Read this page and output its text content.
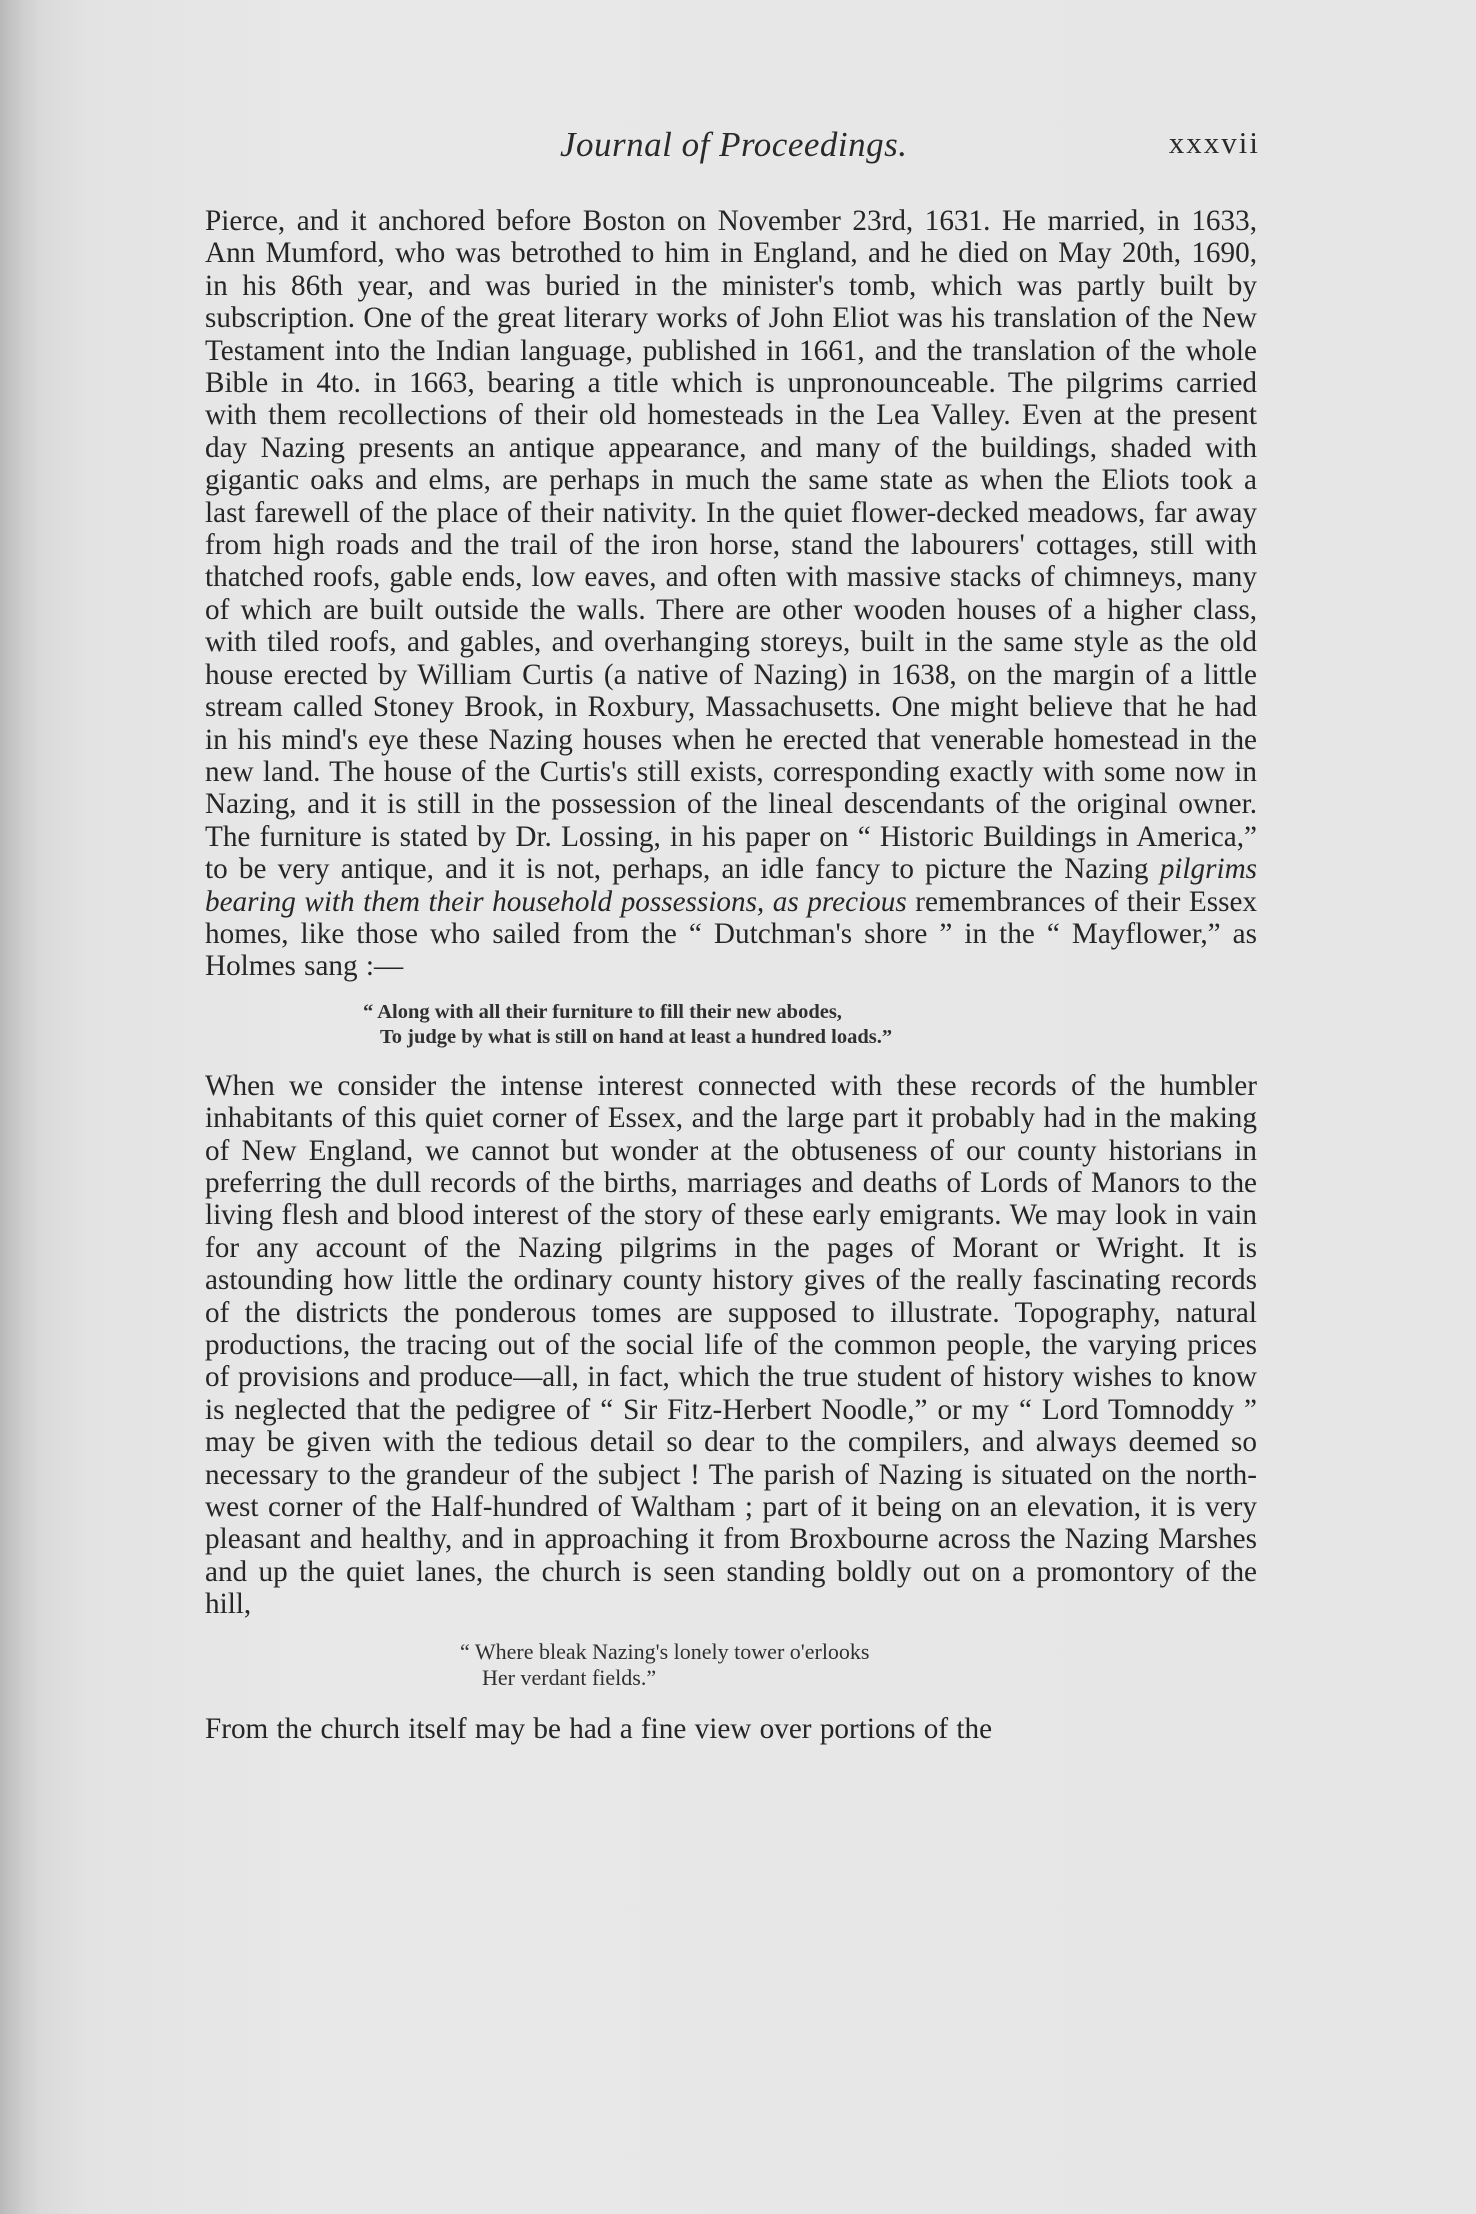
Journal of Proceedings.	xxxvii

Pierce, and it anchored before Boston on November 23rd, 1631. He married, in 1633, Ann Mumford, who was betrothed to him in England, and he died on May 20th, 1690, in his 86th year, and was buried in the minister's tomb, which was partly built by subscription. One of the great literary works of John Eliot was his translation of the New Testament into the Indian language, published in 1661, and the translation of the whole Bible in 4to. in 1663, bearing a title which is unpronounceable. The pilgrims carried with them recollections of their old homesteads in the Lea Valley. Even at the present day Nazing presents an antique appearance, and many of the buildings, shaded with gigantic oaks and elms, are perhaps in much the same state as when the Eliots took a last farewell of the place of their nativity. In the quiet flower-decked meadows, far away from high roads and the trail of the iron horse, stand the labourers' cottages, still with thatched roofs, gable ends, low eaves, and often with massive stacks of chimneys, many of which are built outside the walls. There are other wooden houses of a higher class, with tiled roofs, and gables, and overhanging storeys, built in the same style as the old house erected by William Curtis (a native of Nazing) in 1638, on the margin of a little stream called Stoney Brook, in Roxbury, Massachusetts. One might believe that he had in his mind's eye these Nazing houses when he erected that venerable homestead in the new land. The house of the Curtis's still exists, corresponding exactly with some now in Nazing, and it is still in the possession of the lineal descendants of the original owner. The furniture is stated by Dr. Lossing, in his paper on “ Historic Buildings in America,” to be very antique, and it is not, perhaps, an idle fancy to picture the Nazing pilgrims bearing with them their household possessions, as precious remembrances of their Essex homes, like those who sailed from the “ Dutchman's shore ” in the “ Mayflower,” as Holmes sang :—

“ Along with all their furniture to fill their new abodes,
To judge by what is still on hand at least a hundred loads.”

When we consider the intense interest connected with these records of the humbler inhabitants of this quiet corner of Essex, and the large part it probably had in the making of New England, we cannot but wonder at the obtuseness of our county historians in preferring the dull records of the births, marriages and deaths of Lords of Manors to the living flesh and blood interest of the story of these early emigrants. We may look in vain for any account of the Nazing pilgrims in the pages of Morant or Wright. It is astounding how little the ordinary county history gives of the really fascinating records of the districts the ponderous tomes are supposed to illustrate. Topography, natural productions, the tracing out of the social life of the common people, the varying prices of provisions and produce—all, in fact, which the true student of history wishes to know is neglected that the pedigree of “ Sir Fitz-Herbert Noodle,” or my “ Lord Tomnoddy ” may be given with the tedious detail so dear to the compilers, and always deemed so necessary to the grandeur of the subject ! The parish of Nazing is situated on the north-west corner of the Half-hundred of Waltham ; part of it being on an elevation, it is very pleasant and healthy, and in approaching it from Broxbourne across the Nazing Marshes and up the quiet lanes, the church is seen standing boldly out on a promontory of the hill,

“ Where bleak Nazing's lonely tower o'erlooks
Her verdant fields.”

From the church itself may be had a fine view over portions of the
